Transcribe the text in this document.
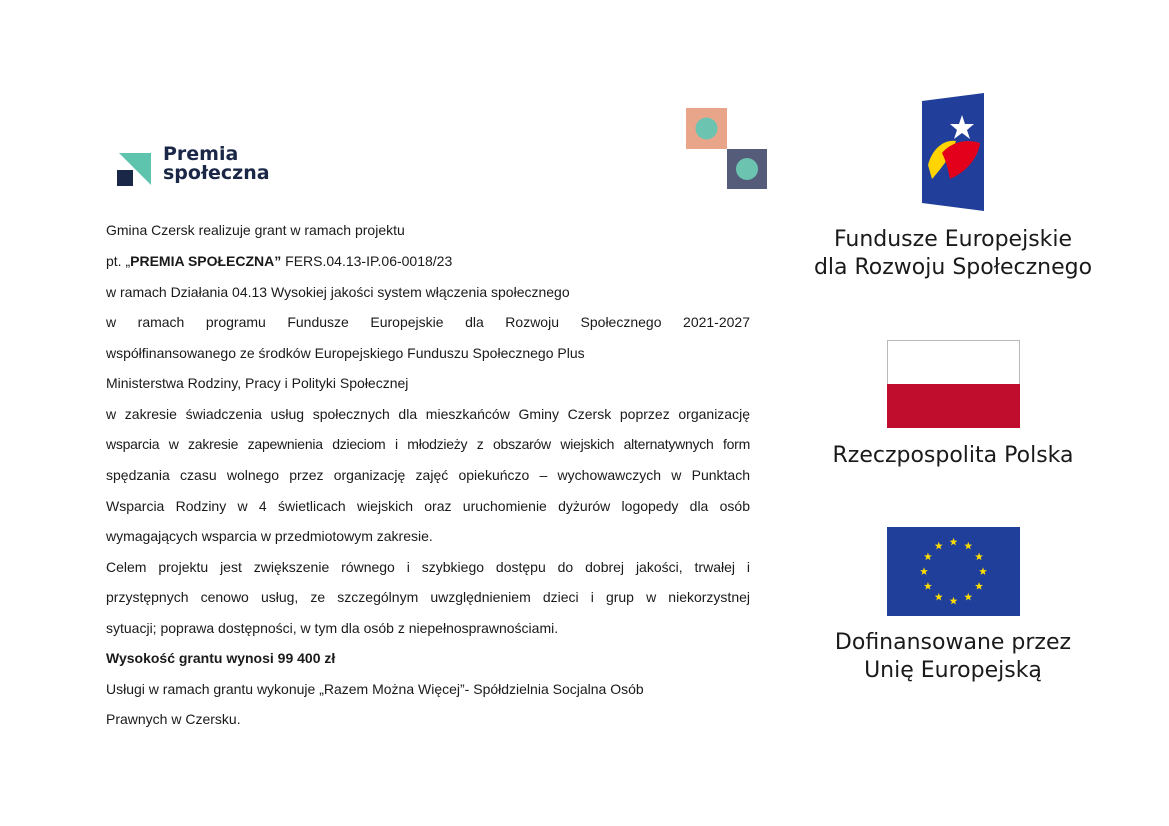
Premia
społeczna
Gmina Czersk realizuje grant w ramach projektu
pt. „PREMIA SPOŁECZNA” FERS.04.13-IP.06-0018/23
w ramach Działania 04.13 Wysokiej jakości system włączenia społecznego
w ramach programu Fundusze Europejskie dla Rozwoju Społecznego 2021-2027
współfinansowanego ze środków Europejskiego Funduszu Społecznego Plus
Ministerstwa Rodziny, Pracy i Polityki Społecznej
w zakresie świadczenia usług społecznych dla mieszkańców Gminy Czersk poprzez organizację
wsparcia w zakresie zapewnienia dzieciom i młodzieży z obszarów wiejskich alternatywnych form
spędzania czasu wolnego przez organizację zajęć opiekuńczo – wychowawczych w Punktach
Wsparcia Rodziny w 4 świetlicach wiejskich oraz uruchomienie dyżurów logopedy dla osób
wymagających wsparcia w przedmiotowym zakresie.
Celem projektu jest zwiększenie równego i szybkiego dostępu do dobrej jakości, trwałej i
przystępnych cenowo usług, ze szczególnym uwzględnieniem dzieci i grup w niekorzystnej
sytuacji; poprawa dostępności, w tym dla osób z niepełnosprawnościami.
Wysokość grantu wynosi 99 400 zł
Usługi w ramach grantu wykonuje „Razem Można Więcej”- Spółdzielnia Socjalna Osób
Prawnych w Czersku.
Fundusze Europejskie
dla Rozwoju Społecznego
Rzeczpospolita Polska
Dofinansowane przez
Unię Europejską
